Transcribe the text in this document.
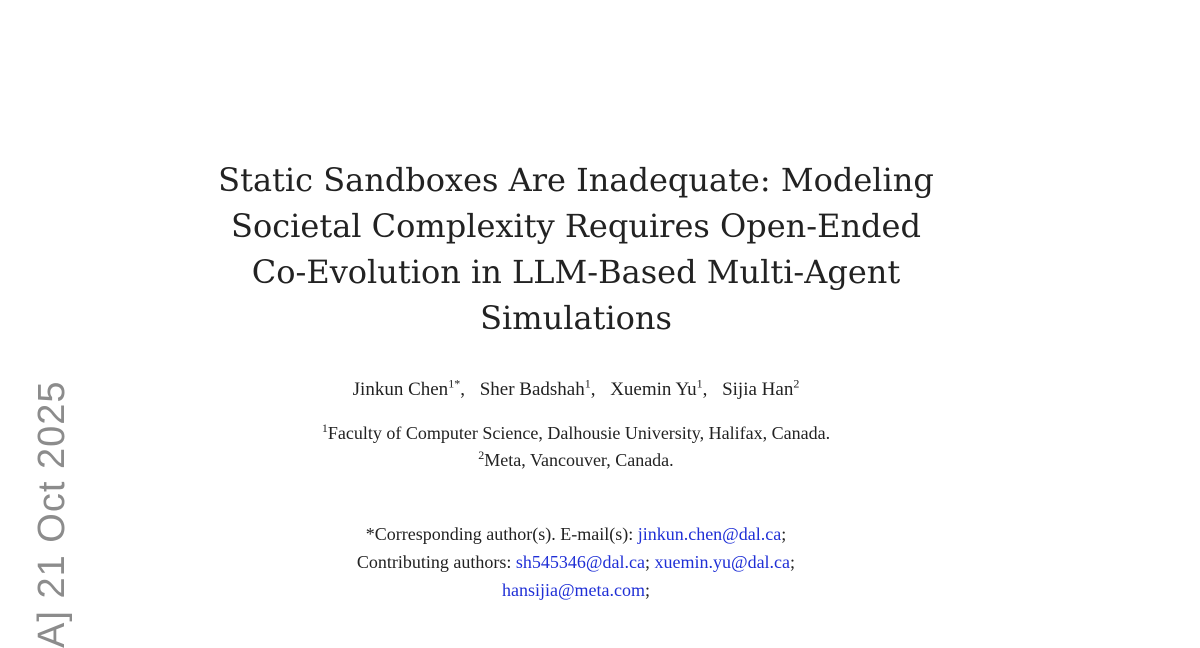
A] 21 Oct 2025
Static Sandboxes Are Inadequate: Modeling
Societal Complexity Requires Open-Ended
Co-Evolution in LLM-Based Multi-Agent
Simulations
Jinkun Chen$^{1*}$, Sher Badshah$^1$, Xuemin Yu$^1$, Sijia Han$^2$
$^1$Faculty of Computer Science, Dalhousie University, Halifax, Canada.
$^2$Meta, Vancouver, Canada.
*Corresponding author(s). E-mail(s): jinkun.chen@dal.ca;
Contributing authors: sh545346@dal.ca; xuemin.yu@dal.ca;
hansijia@meta.com;
